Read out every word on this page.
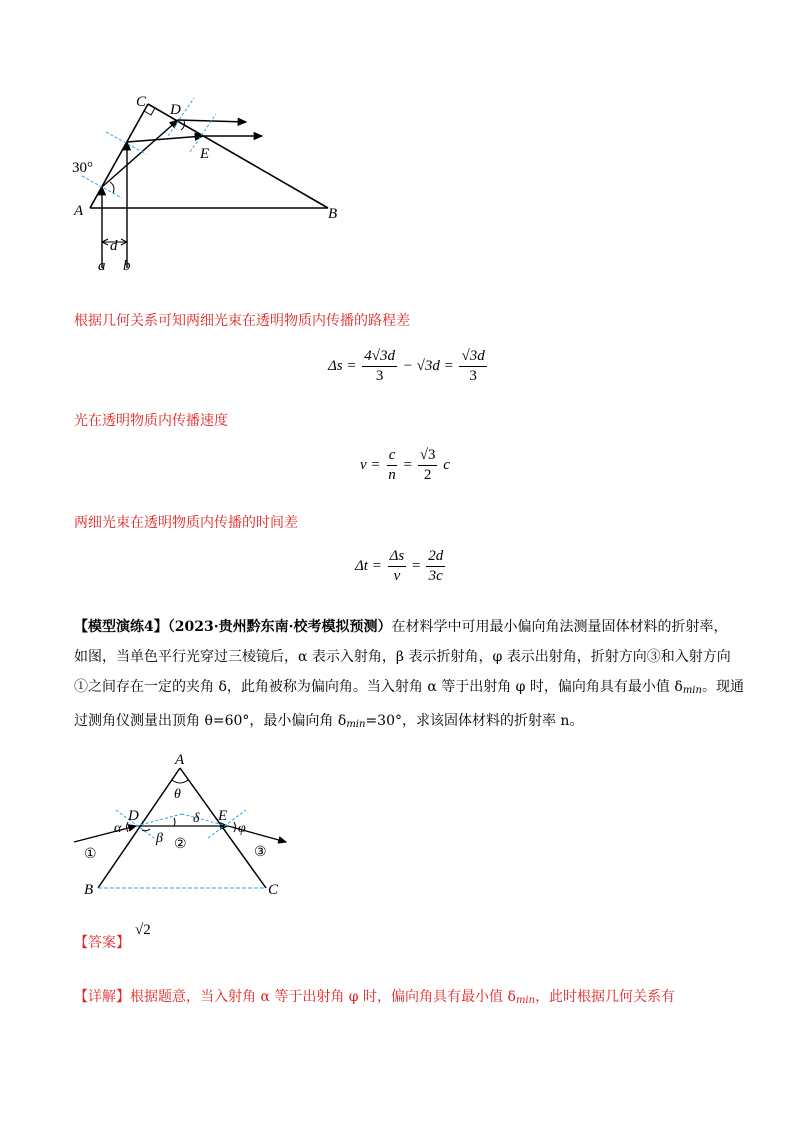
A	B
C D
E
30°
d
a b
根据几何关系可知两细光束在透明物质内传播的路程差
$\Delta s = \frac{4√3d}{3} - √3d = \frac{√3d}{3}$
光在透明物质内传播速度
$v = \frac{c}{n} = \frac{√3}{2}$ c
两细光束在透明物质内传播的时间差
$\Delta t = \frac{\Delta s}{v} = \frac{2d}{3c}$
【模型演练4】（2023·贵州黔东南·校考模拟预测）在材料学中可用最小偏向角法测量固体材料的折射率，
如图，当单色平行光穿过三棱镜后，α 表示入射角，β 表示折射角，φ 表示出射角，折射方向③和入射方向
①之间存在一定的夹角 δ，此角被称为偏向角。当入射角 α 等于出射角 φ 时，偏向角具有最小值 $\delta_{min}$。现通
过测角仪测量出顶角 θ=60°，最小偏向角 $\delta_{min}=30^\circ$，求该固体材料的折射率 n。
A
θ
D	E
α
β
δ
φ
①
②
③
B	C
【答案】
√2
【详解】根据题意，当入射角 α 等于出射角 φ 时，偏向角具有最小值 $\delta_{min}$，此时根据几何关系有
